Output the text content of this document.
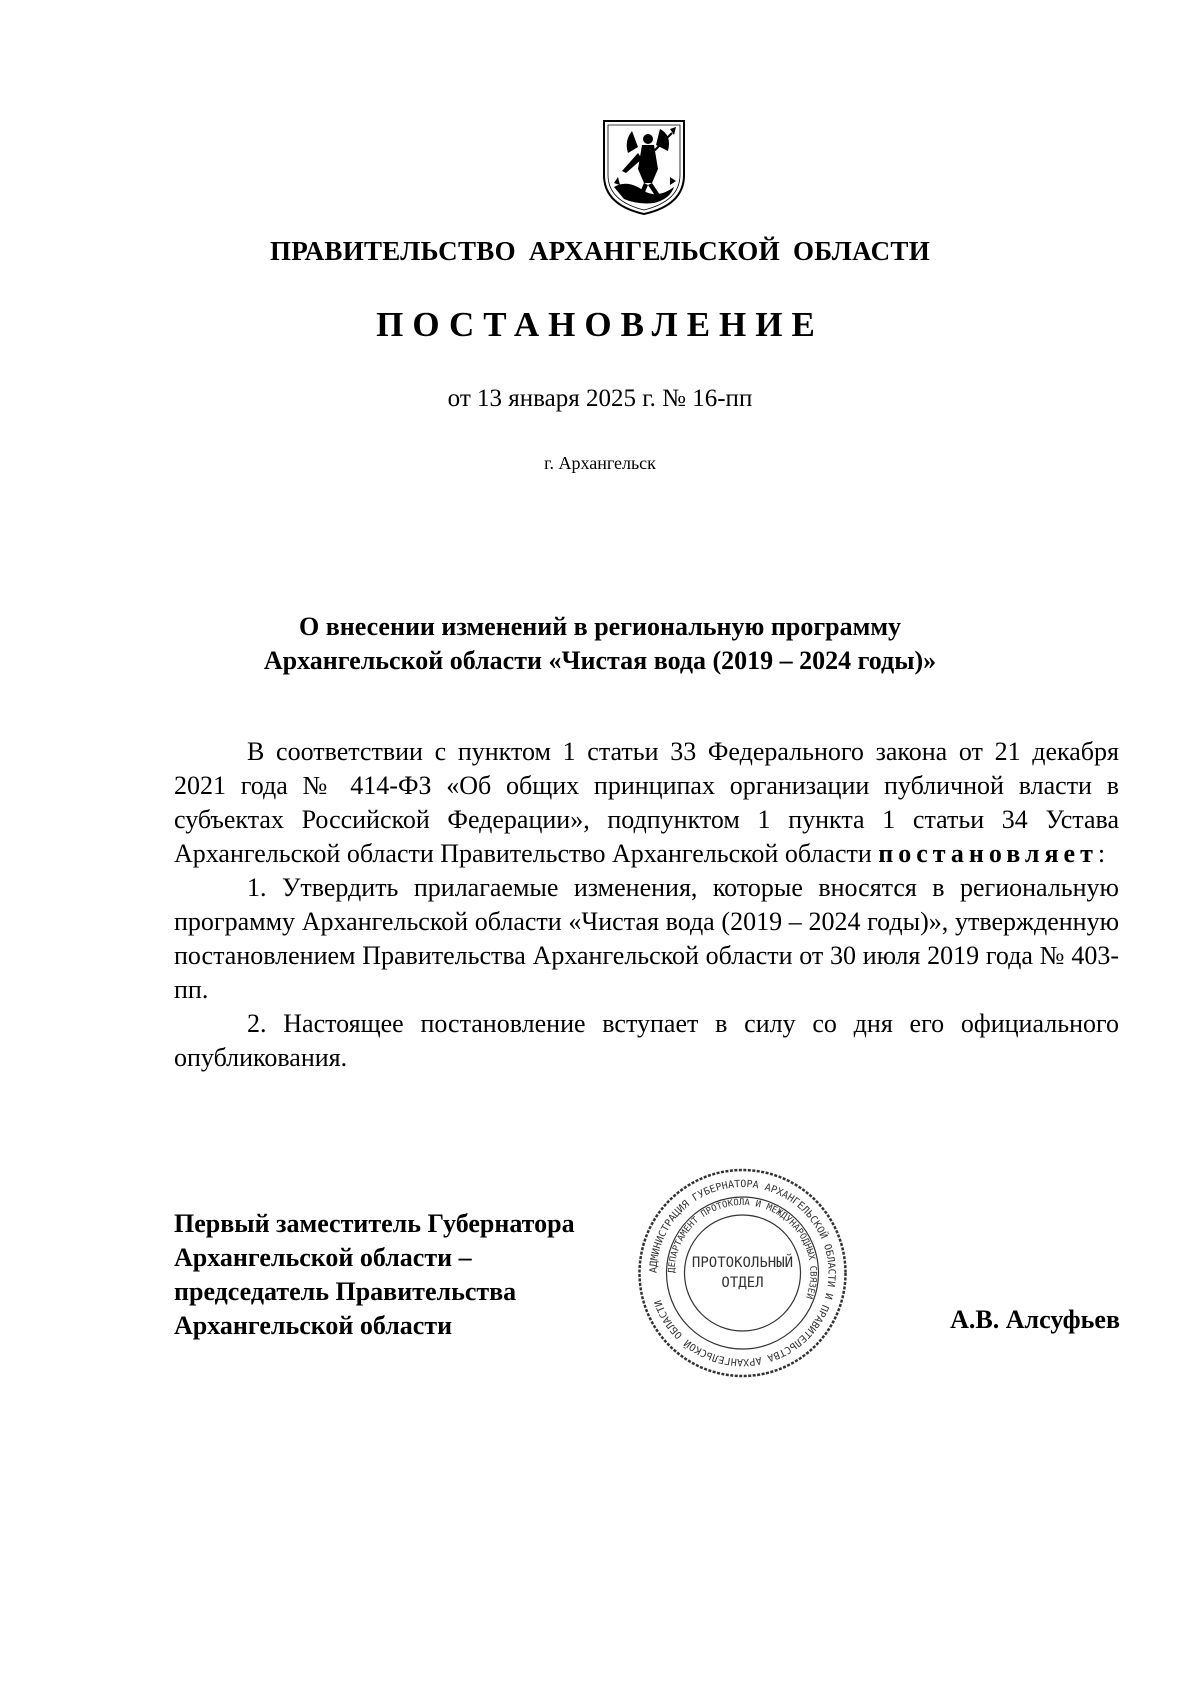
ПРАВИТЕЛЬСТВО АРХАНГЕЛЬСКОЙ ОБЛАСТИ
ПОСТАНОВЛЕНИЕ
от 13 января 2025 г. № 16-пп
г. Архангельск
О внесении изменений в региональную программу
Архангельской области «Чистая вода (2019 – 2024 годы)»

В соответствии с пунктом 1 статьи 33 Федерального закона от 21 декабря 2021 года № 414-ФЗ «Об общих принципах организации публичной власти в субъектах Российской Федерации», подпунктом 1 пункта 1 статьи 34 Устава Архангельской области Правительство Архангельской области постановляет:

1. Утвердить прилагаемые изменения, которые вносятся в региональную программу Архангельской области «Чистая вода (2019 – 2024 годы)», утвержденную постановлением Правительства Архангельской области от 30 июля 2019 года № 403-пп.

2. Настоящее постановление вступает в силу со дня его официального опубликования.

Первый заместитель Губернатора
Архангельской области –
председатель Правительства
Архангельской области
АДМИНИСТРАЦИЯ ГУБЕРНАТОРА АРХАНГЕЛЬСКОЙ ОБЛАСТИ И ПРАВИТЕЛЬСТВА АРХАНГЕЛЬСКОЙ ОБЛАСТИ
ДЕПАРТАМЕНТ ПРОТОКОЛА И МЕЖДУНАРОДНЫХ СВЯЗЕЙ
ПРОТОКОЛЬНЫЙ
ОТДЕЛ
А.В. Алсуфьев
